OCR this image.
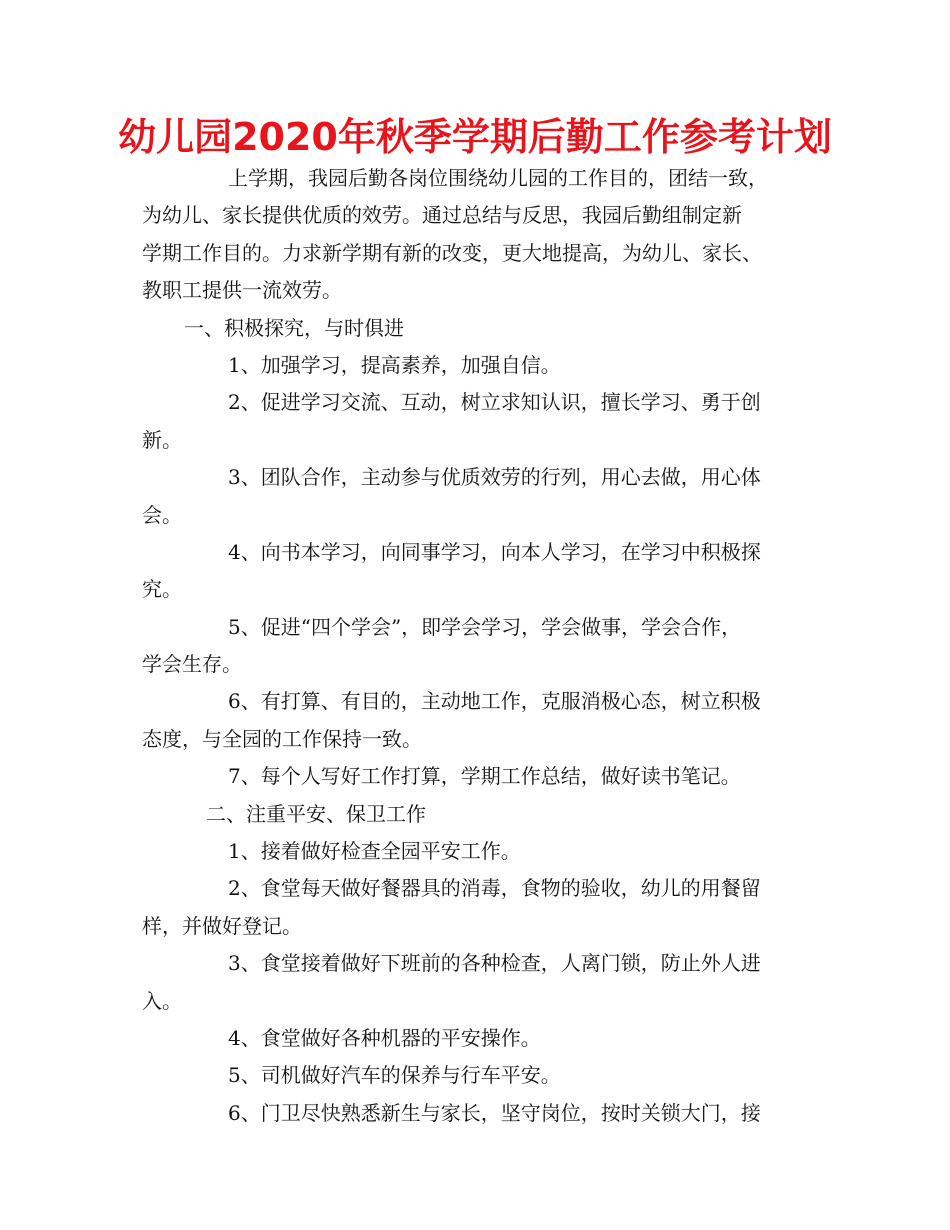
幼儿园2020年秋季学期后勤工作参考计划
上学期，我园后勤各岗位围绕幼儿园的工作目的，团结一致，
为幼儿、家长提供优质的效劳。通过总结与反思，我园后勤组制定新
学期工作目的。力求新学期有新的改变，更大地提高，为幼儿、家长、
教职工提供一流效劳。
一、积极探究，与时俱进
1、加强学习，提高素养，加强自信。
2、促进学习交流、互动，树立求知认识，擅长学习、勇于创
新。
3、团队合作，主动参与优质效劳的行列，用心去做，用心体
会。
4、向书本学习，向同事学习，向本人学习，在学习中积极探
究。
5、促进“四个学会”，即学会学习，学会做事，学会合作，
学会生存。
6、有打算、有目的，主动地工作，克服消极心态，树立积极
态度，与全园的工作保持一致。
7、每个人写好工作打算，学期工作总结，做好读书笔记。
二、注重平安、保卫工作
1、接着做好检查全园平安工作。
2、食堂每天做好餐器具的消毒，食物的验收，幼儿的用餐留
样，并做好登记。
3、食堂接着做好下班前的各种检查，人离门锁，防止外人进
入。
4、食堂做好各种机器的平安操作。
5、司机做好汽车的保养与行车平安。
6、门卫尽快熟悉新生与家长，坚守岗位，按时关锁大门，接
